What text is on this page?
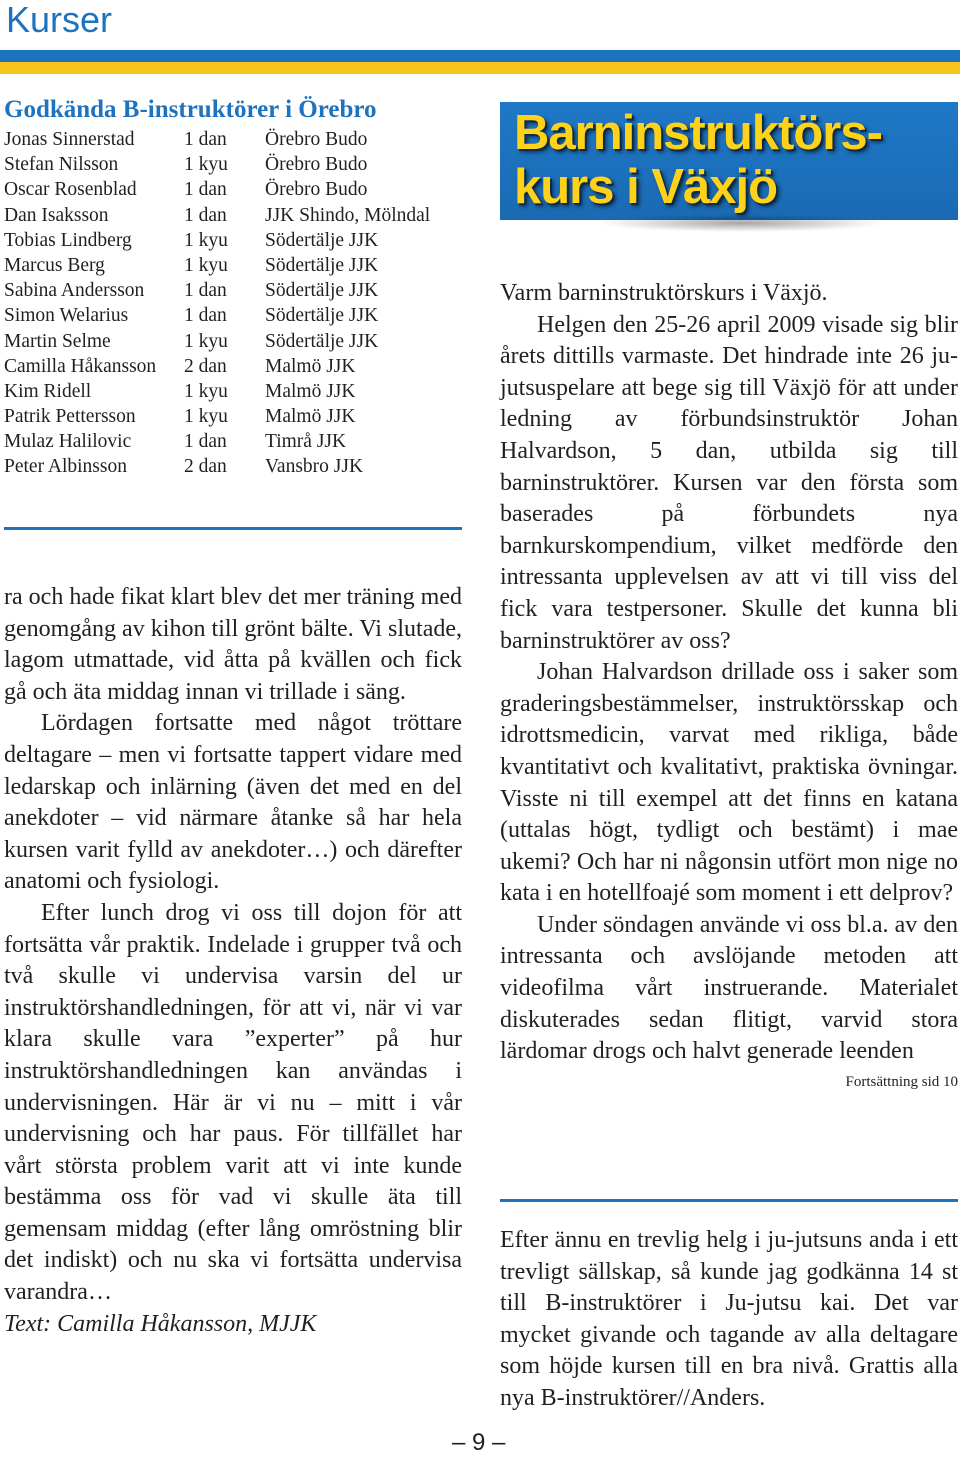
Kurser
Godkända B-instruktörer i Örebro
Jonas Sinnerstad	1 dan Örebro Budo
Stefan Nilsson	1 kyu Örebro Budo
Oscar Rosenblad 1 dan Örebro Budo
Dan Isaksson	1 dan JJK Shindo, Mölndal
Tobias Lindberg	1 kyu Södertälje JJK
Marcus Berg	1 kyu Södertälje JJK
Sabina Andersson 1 dan Södertälje JJK
Simon Welarius	1 dan Södertälje JJK
Martin Selme	1 kyu Södertälje JJK
Camilla Håkansson 2 dan Malmö JJK
Kim Ridell	1 kyu Malmö JJK
Patrik Pettersson 1 kyu Malmö JJK
Mulaz Halilovic	1 dan Timrå JJK
Peter Albinsson	2 dan Vansbro JJK

ra och hade fikat klart blev det mer träning med genomgång av kihon till grönt bälte. Vi slutade, lagom utmattade, vid åtta på kvällen och fick gå och äta middag innan vi trillade i säng.

Lördagen fortsatte med något tröttare deltagare – men vi fortsatte tappert vidare med ledarskap och inlärning (även det med en del anekdoter – vid närmare åtanke så har hela kursen varit fylld av anekdoter…) och därefter anatomi och fysiologi.

Efter lunch drog vi oss till dojon för att fortsätta vår praktik. Indelade i grupper två och två skulle vi undervisa varsin del ur instruktörshandledningen, för att vi, när vi var klara skulle vara ”experter” på hur instruktörshandledningen kan användas i undervisningen. Här är vi nu – mitt i vår undervisning och har paus. För tillfället har vårt största problem varit att vi inte kunde bestämma oss för vad vi skulle äta till gemensam middag (efter lång omröstning blir det indiskt) och nu ska vi fortsätta undervisa varandra…

Text: Camilla Håkansson, MJJK

Barninstruktörs-
kurs i Växjö

Varm barninstruktörskurs i Växjö.

Helgen den 25-26 april 2009 visade sig blir årets dittills varmaste. Det hindrade inte 26 ju-jutsuspelare att bege sig till Växjö för att under ledning av förbundsinstruktör Johan Halvardson, 5 dan, utbilda sig till barninstruktörer. Kursen var den första som baserades på förbundets nya barnkurskompendium, vilket medförde den intressanta upplevelsen av att vi till viss del fick vara testpersoner. Skulle det kunna bli barninstruktörer av oss?

Johan Halvardson drillade oss i saker som graderingsbestämmelser, instruktörsskap och idrottsmedicin, varvat med rikliga, både kvantitativt och kvalitativt, praktiska övningar. Visste ni till exempel att det finns en katana (uttalas högt, tydligt och bestämt) i mae ukemi? Och har ni någonsin utfört mon nige no kata i en hotellfoajé som moment i ett delprov?

Under söndagen använde vi oss bl.a. av den intressanta och avslöjande metoden att videofilma vårt instruerande. Materialet diskuterades sedan flitigt, varvid stora lärdomar drogs och halvt generade leenden

Fortsättning sid 10

Efter ännu en trevlig helg i ju-jutsuns anda i ett trevligt sällskap, så kunde jag godkänna 14 st till B-instruktörer i Ju-jutsu kai. Det var mycket givande och tagande av alla deltagare som höjde kursen till en bra nivå. Grattis alla nya B-instruktörer//Anders.

– 9 –
